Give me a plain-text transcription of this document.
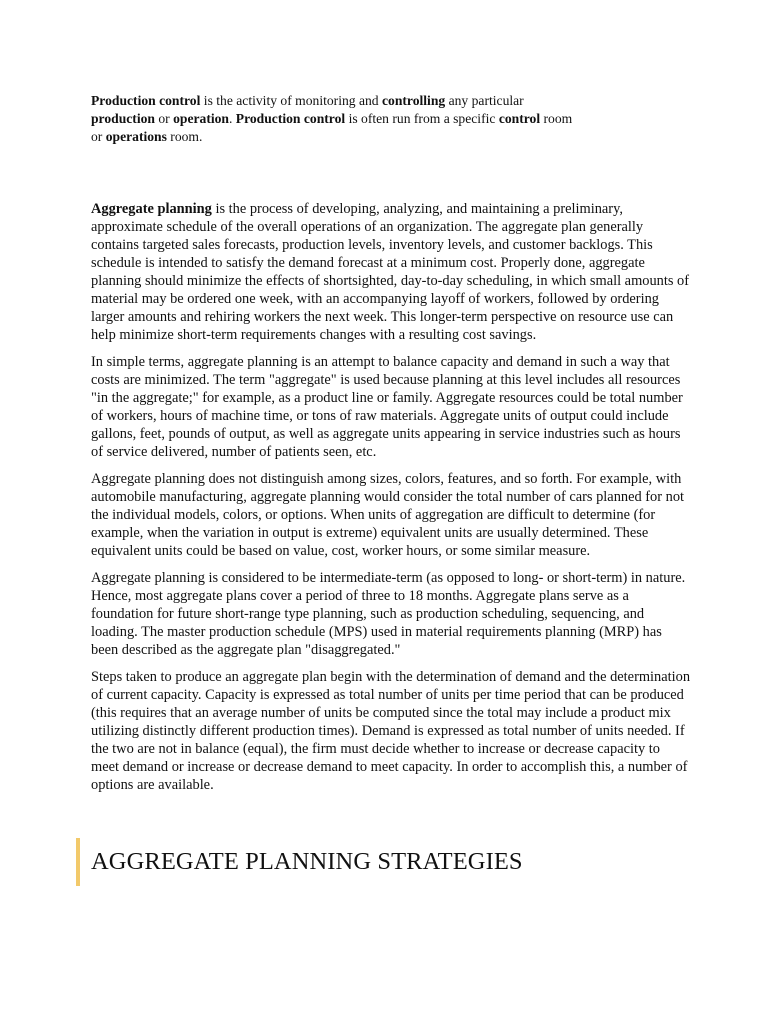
Production control is the activity of monitoring and controlling any particular
production or operation. Production control is often run from a specific control room
or operations room.

Aggregate planning is the process of developing, analyzing, and maintaining a preliminary, approximate schedule of the overall operations of an organization. The aggregate plan generally contains targeted sales forecasts, production levels, inventory levels, and customer backlogs. This schedule is intended to satisfy the demand forecast at a minimum cost. Properly done, aggregate planning should minimize the effects of shortsighted, day-to-day scheduling, in which small amounts of material may be ordered one week, with an accompanying layoff of workers, followed by ordering larger amounts and rehiring workers the next week. This longer-term perspective on resource use can help minimize short-term requirements changes with a resulting cost savings.

In simple terms, aggregate planning is an attempt to balance capacity and demand in such a way that costs are minimized. The term "aggregate" is used because planning at this level includes all resources "in the aggregate;" for example, as a product line or family. Aggregate resources could be total number of workers, hours of machine time, or tons of raw materials. Aggregate units of output could include gallons, feet, pounds of output, as well as aggregate units appearing in service industries such as hours of service delivered, number of patients seen, etc.

Aggregate planning does not distinguish among sizes, colors, features, and so forth. For example, with automobile manufacturing, aggregate planning would consider the total number of cars planned for not the individual models, colors, or options. When units of aggregation are difficult to determine (for example, when the variation in output is extreme) equivalent units are usually determined. These equivalent units could be based on value, cost, worker hours, or some similar measure.

Aggregate planning is considered to be intermediate-term (as opposed to long- or short-term) in nature. Hence, most aggregate plans cover a period of three to 18 months. Aggregate plans serve as a foundation for future short-range type planning, such as production scheduling, sequencing, and loading. The master production schedule (MPS) used in material requirements planning (MRP) has been described as the aggregate plan "disaggregated."

Steps taken to produce an aggregate plan begin with the determination of demand and the determination of current capacity. Capacity is expressed as total number of units per time period that can be produced (this requires that an average number of units be computed since the total may include a product mix utilizing distinctly different production times). Demand is expressed as total number of units needed. If the two are not in balance (equal), the firm must decide whether to increase or decrease capacity to meet demand or increase or decrease demand to meet capacity. In order to accomplish this, a number of options are available.

AGGREGATE PLANNING STRATEGIES
